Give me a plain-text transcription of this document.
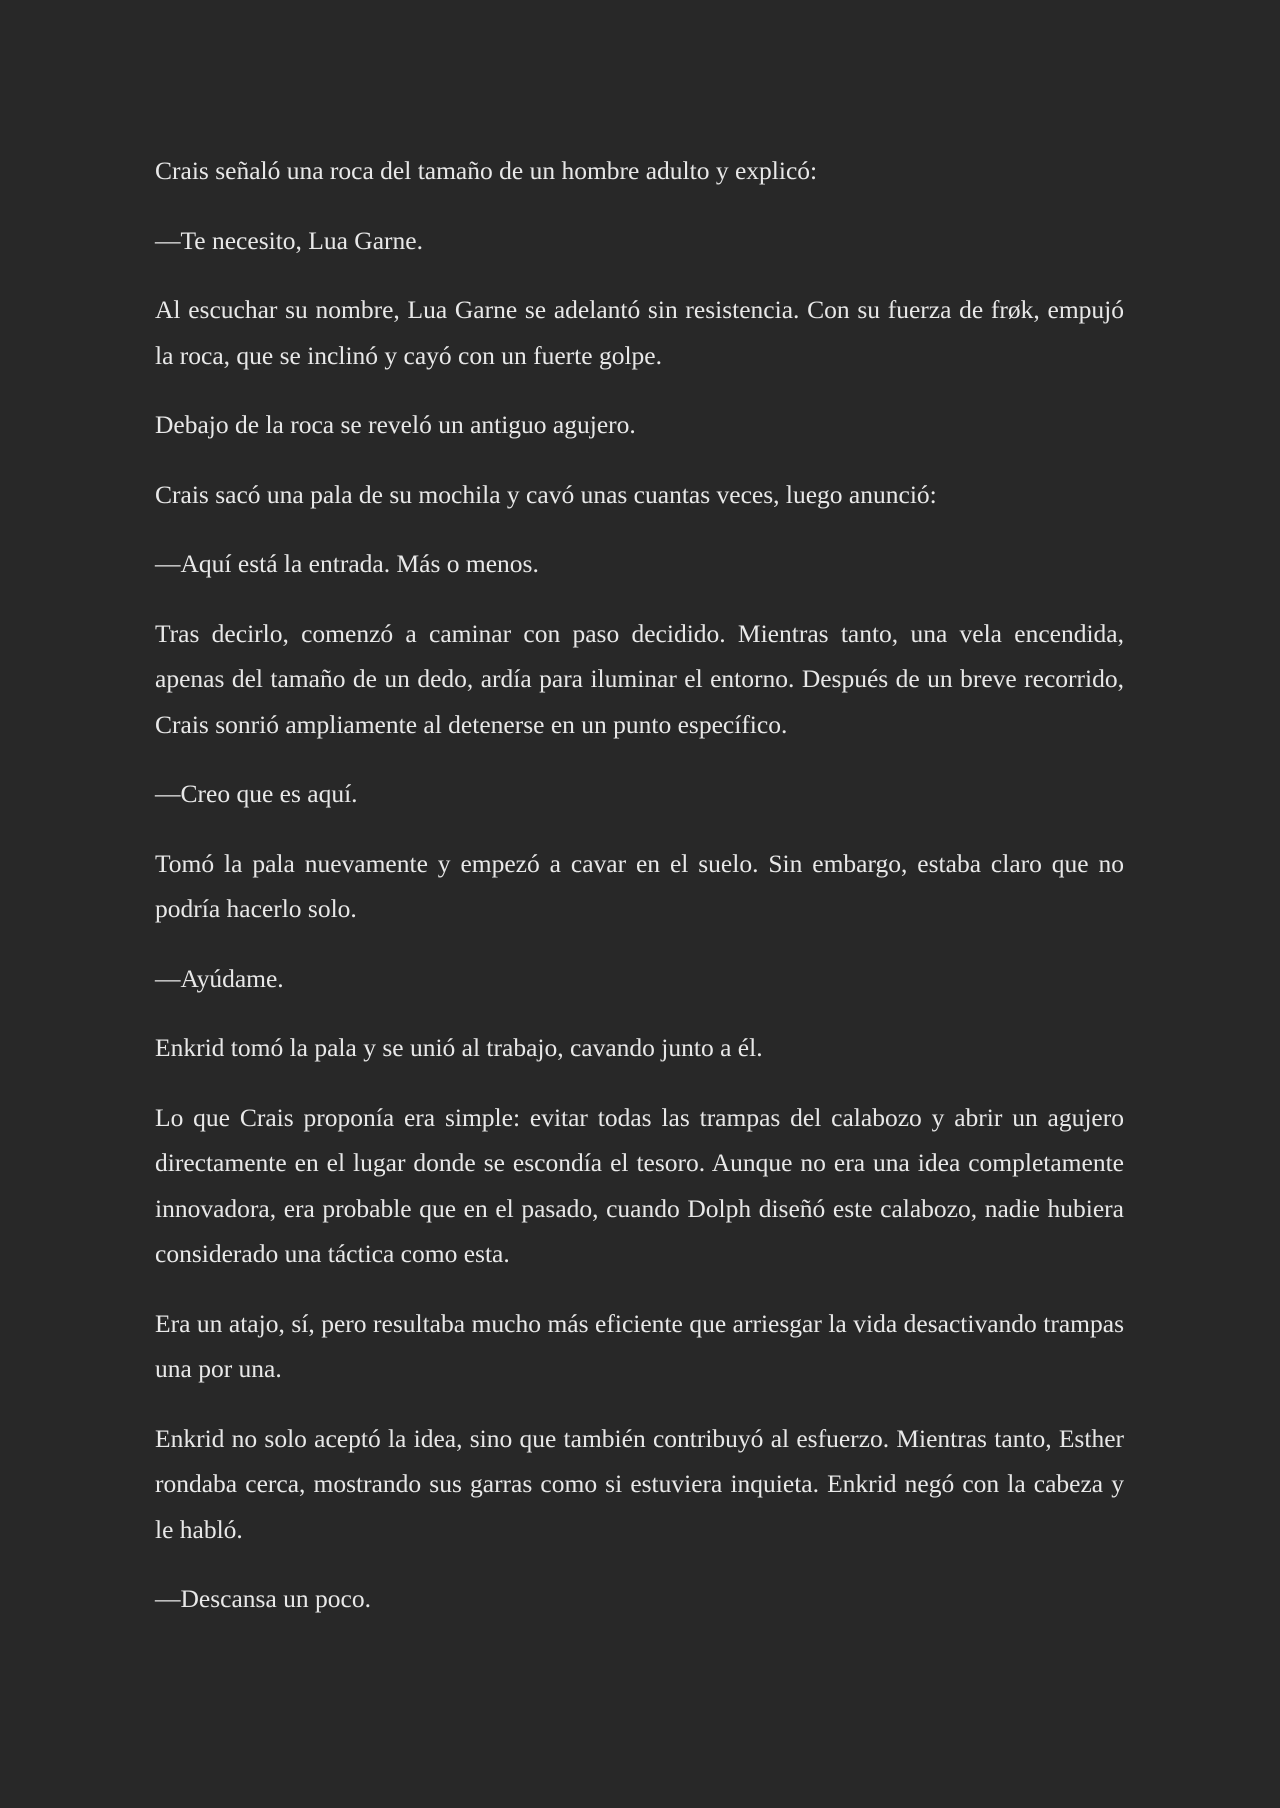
Crais señaló una roca del tamaño de un hombre adulto y explicó:

—Te necesito, Lua Garne.

Al escuchar su nombre, Lua Garne se adelantó sin resistencia. Con su fuerza de frøk, empujó la roca, que se inclinó y cayó con un fuerte golpe.

Debajo de la roca se reveló un antiguo agujero.

Crais sacó una pala de su mochila y cavó unas cuantas veces, luego anunció:

—Aquí está la entrada. Más o menos.

Tras decirlo, comenzó a caminar con paso decidido. Mientras tanto, una vela encendida, apenas del tamaño de un dedo, ardía para iluminar el entorno. Después de un breve recorrido, Crais sonrió ampliamente al detenerse en un punto específico.

—Creo que es aquí.

Tomó la pala nuevamente y empezó a cavar en el suelo. Sin embargo, estaba claro que no podría hacerlo solo.

—Ayúdame.

Enkrid tomó la pala y se unió al trabajo, cavando junto a él.

Lo que Crais proponía era simple: evitar todas las trampas del calabozo y abrir un agujero directamente en el lugar donde se escondía el tesoro. Aunque no era una idea completamente innovadora, era probable que en el pasado, cuando Dolph diseñó este calabozo, nadie hubiera considerado una táctica como esta.

Era un atajo, sí, pero resultaba mucho más eficiente que arriesgar la vida desactivando trampas una por una.

Enkrid no solo aceptó la idea, sino que también contribuyó al esfuerzo. Mientras tanto, Esther rondaba cerca, mostrando sus garras como si estuviera inquieta. Enkrid negó con la cabeza y le habló.

—Descansa un poco.
